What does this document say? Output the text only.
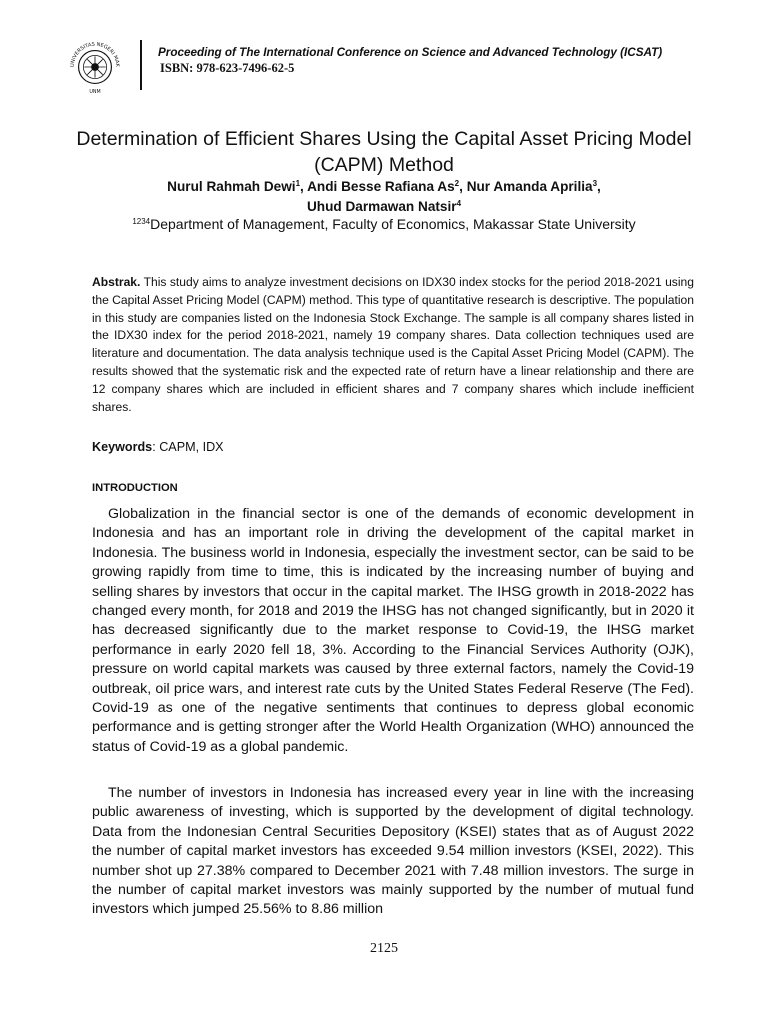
UNIVERSITAS NEGERI MAK
UNM
Proceeding of The International Conference on Science and Advanced Technology (ICSAT)
ISBN: 978-623-7496-62-5
Determination of Efficient Shares Using the Capital Asset Pricing Model (CAPM) Method
Nurul Rahmah Dewi$^1$, Andi Besse Rafiana As$^2$, Nur Amanda Aprilia$^3$,
Uhud Darmawan Natsir$^4$
$^{1234}$Department of Management, Faculty of Economics, Makassar State University
Abstrak. This study aims to analyze investment decisions on IDX30 index stocks for the period 2018-2021 using the Capital Asset Pricing Model (CAPM) method. This type of quantitative research is descriptive. The population in this study are companies listed on the Indonesia Stock Exchange. The sample is all company shares listed in the IDX30 index for the period 2018-2021, namely 19 company shares. Data collection techniques used are literature and documentation. The data analysis technique used is the Capital Asset Pricing Model (CAPM). The results showed that the systematic risk and the expected rate of return have a linear relationship and there are 12 company shares which are included in efficient shares and 7 company shares which include inefficient shares.
Keywords: CAPM, IDX
INTRODUCTION

Globalization in the financial sector is one of the demands of economic development in Indonesia and has an important role in driving the development of the capital market in Indonesia. The business world in Indonesia, especially the investment sector, can be said to be growing rapidly from time to time, this is indicated by the increasing number of buying and selling shares by investors that occur in the capital market. The IHSG growth in 2018-2022 has changed every month, for 2018 and 2019 the IHSG has not changed significantly, but in 2020 it has decreased significantly due to the market response to Covid-19, the IHSG market performance in early 2020 fell 18, 3%. According to the Financial Services Authority (OJK), pressure on world capital markets was caused by three external factors, namely the Covid-19 outbreak, oil price wars, and interest rate cuts by the United States Federal Reserve (The Fed). Covid-19 as one of the negative sentiments that continues to depress global economic performance and is getting stronger after the World Health Organization (WHO) announced the status of Covid-19 as a global pandemic.

The number of investors in Indonesia has increased every year in line with the increasing public awareness of investing, which is supported by the development of digital technology. Data from the Indonesian Central Securities Depository (KSEI) states that as of August 2022 the number of capital market investors has exceeded 9.54 million investors (KSEI, 2022). This number shot up 27.38% compared to December 2021 with 7.48 million investors. The surge in the number of capital market investors was mainly supported by the number of mutual fund investors which jumped 25.56% to 8.86 million

2125
